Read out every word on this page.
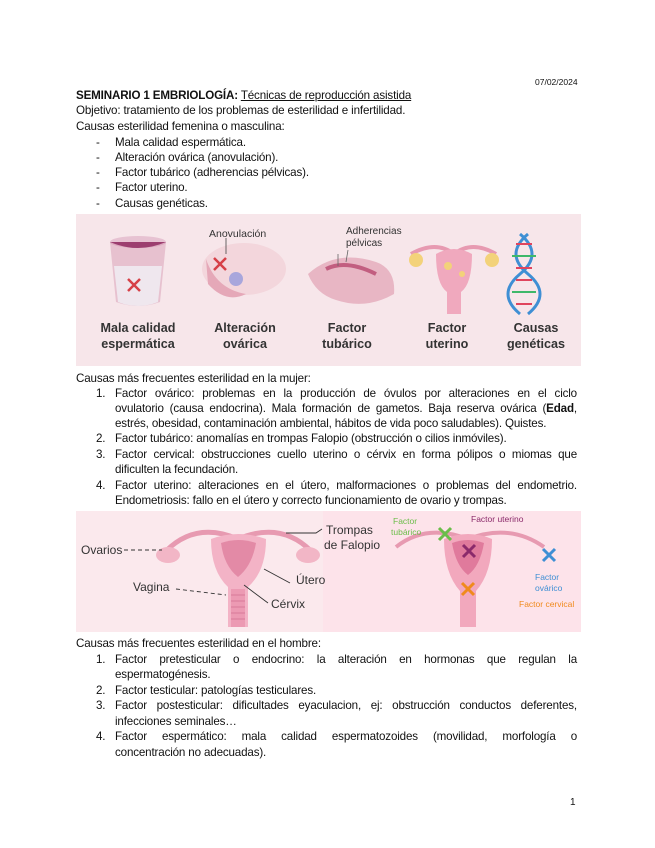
07/02/2024
SEMINARIO 1 EMBRIOLOGÍA: Técnicas de reproducción asistida
Objetivo: tratamiento de los problemas de esterilidad e infertilidad.
Causas esterilidad femenina o masculina:
- Mala calidad espermática.
- Alteración ovárica (anovulación).
- Factor tubárico (adherencias pélvicas).
- Factor uterino.
- Causas genéticas.
Anovulación	Adherencias
pélvicas
Mala calidad
espermática
Alteración
ovárica
Factor
tubárico
Factor
uterino
Causas
genéticas
Causas más frecuentes esterilidad en la mujer:
1. Factor ovárico: problemas en la producción de óvulos por alteraciones en el ciclo
ovulatorio (causa endocrina). Mala formación de gametos. Baja reserva ovárica (Edad,
estrés, obesidad, contaminación ambiental, hábitos de vida poco saludables). Quistes.
2. Factor tubárico: anomalías en trompas Falopio (obstrucción o cilios inmóviles).
3. Factor cervical: obstrucciones cuello uterino o cérvix en forma pólipos o miomas que
dificulten la fecundación.
4. Factor uterino: alteraciones en el útero, malformaciones o problemas del endometrio.
Endometriosis: fallo en el útero y correcto funcionamiento de ovario y trompas.
Ovarios
Trompas
de Falopio
Útero
Vagina
Cérvix
Factor
tubárico
Factor uterino
Factor ovárico
Factor cervical
Causas más frecuentes esterilidad en el hombre:
1. Factor pretesticular o endocrino: la alteración en hormonas que regulan la
espermatogénesis.
2. Factor testicular: patologías testiculares.
3. Factor postesticular: dificultades eyaculacion, ej: obstrucción conductos deferentes,
infecciones seminales…
4. Factor espermático: mala calidad espermatozoides (movilidad, morfología o
concentración no adecuadas).
1
